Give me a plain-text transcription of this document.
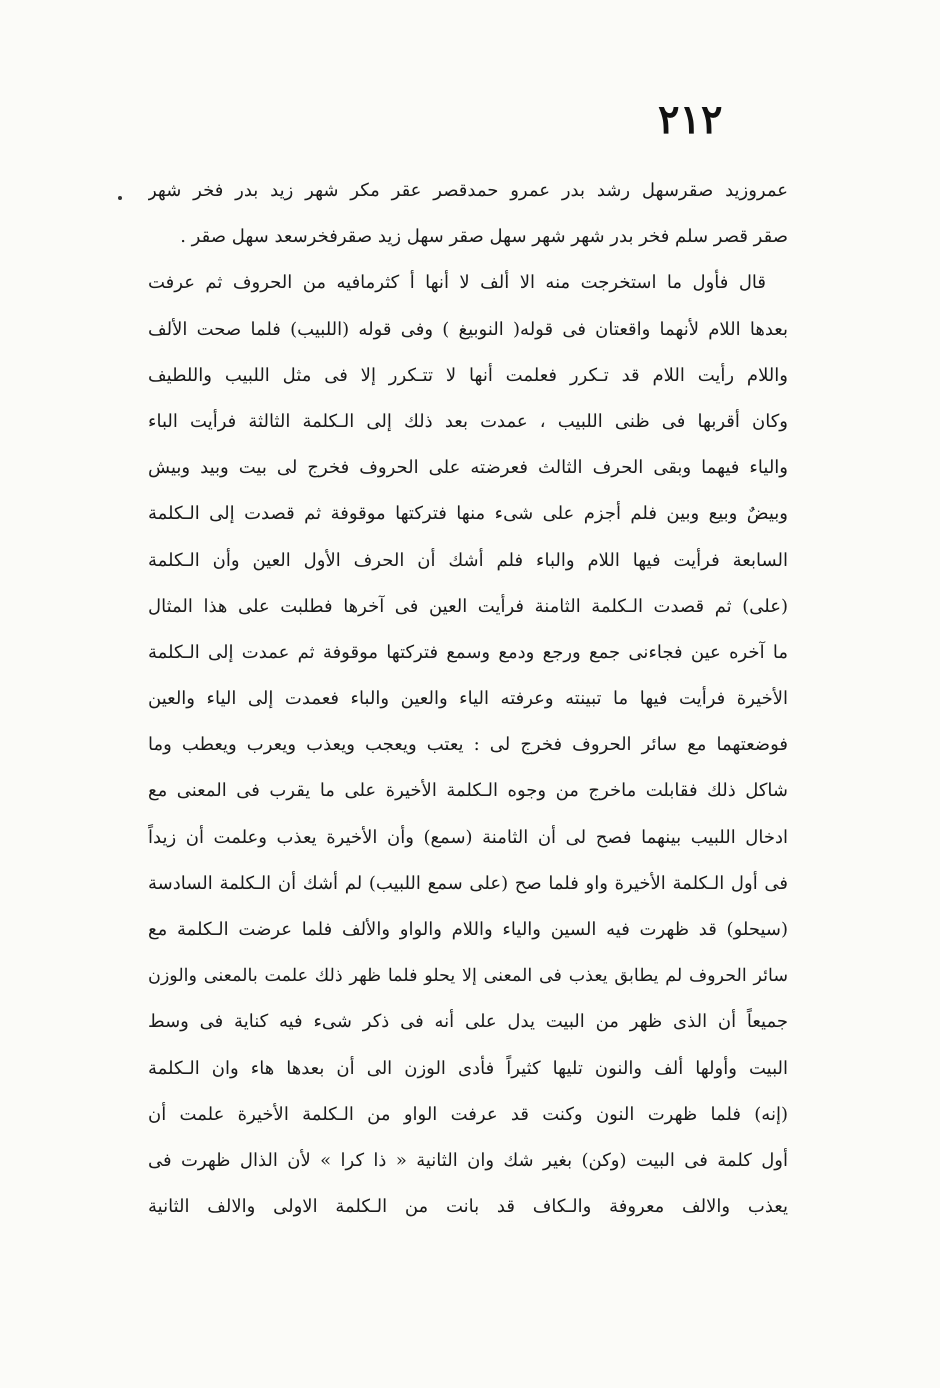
٢١٢
عمروزيد صقرسهل رشد بدر عمرو حمدقصر عقر مكر شهر زيد بدر فخر شهر
صقر قصر سلم فخر بدر شهر شهر سهل صقر سهل زيد صقرفخرسعد سهل صقر .
قال فأول ما استخرجت منه الا ألف لا أنها أ كثرمافيه من الحروف ثم عرفت
بعدها اللام لأنهما واقعتان فى قوله( النوبيغ ) وفى قوله (اللبيب) فلما صحت الألف
واللام رأيت اللام قد تـكرر فعلمت أنها لا تتـكرر إلا فى مثل اللبيب واللطيف
وكان أقربها فى ظنى اللبيب ، عمدت بعد ذلك إلى الـكلمة الثالثة فرأيت الباء
والياء فيهما وبقى الحرف الثالث فعرضته على الحروف فخرج لى بيت وبيد وبيش
وبيضٌ وبيع وبين فلم أجزم على شىء منها فتركتها موقوفة ثم قصدت إلى الـكلمة
السابعة فرأيت فيها اللام والباء فلم أشك أن الحرف الأول العين وأن الـكلمة
(على) ثم قصدت الـكلمة الثامنة فرأيت العين فى آخرها فطلبت على هذا المثال
ما آخره عين فجاءنى جمع ورجع ودمع وسمع فتركتها موقوفة ثم عمدت إلى الـكلمة
الأخيرة فرأيت فيها ما تبينته وعرفته الياء والعين والباء فعمدت إلى الياء والعين
فوضعتهما مع سائر الحروف فخرج لى : يعتب ويعجب ويعذب ويعرب ويعطب وما
شاكل ذلك فقابلت ماخرج من وجوه الـكلمة الأخيرة على ما يقرب فى المعنى مع
ادخال اللبيب بينهما فصح لى أن الثامنة (سمع) وأن الأخيرة يعذب وعلمت أن زيداً
فى أول الـكلمة الأخيرة واو فلما صح (على سمع اللبيب) لم أشك أن الـكلمة السادسة
(سيحلو) قد ظهرت فيه السين والياء واللام والواو والألف فلما عرضت الـكلمة مع
سائر الحروف لم يطابق يعذب فى المعنى إلا يحلو فلما ظهر ذلك علمت بالمعنى والوزن
جميعاً أن الذى ظهر من البيت يدل على أنه فى ذكر شىء فيه كناية فى وسط
البيت وأولها ألف والنون تليها كثيراً فأدى الوزن الى أن بعدها هاء وان الـكلمة
(إنه) فلما ظهرت النون وكنت قد عرفت الواو من الـكلمة الأخيرة علمت أن
أول كلمة فى البيت (وكن) بغير شك وان الثانية « ذا كرا » لأن الذال ظهرت فى
يعذب والالف معروفة والـكاف قد بانت من الـكلمة الاولى والالف الثانية
